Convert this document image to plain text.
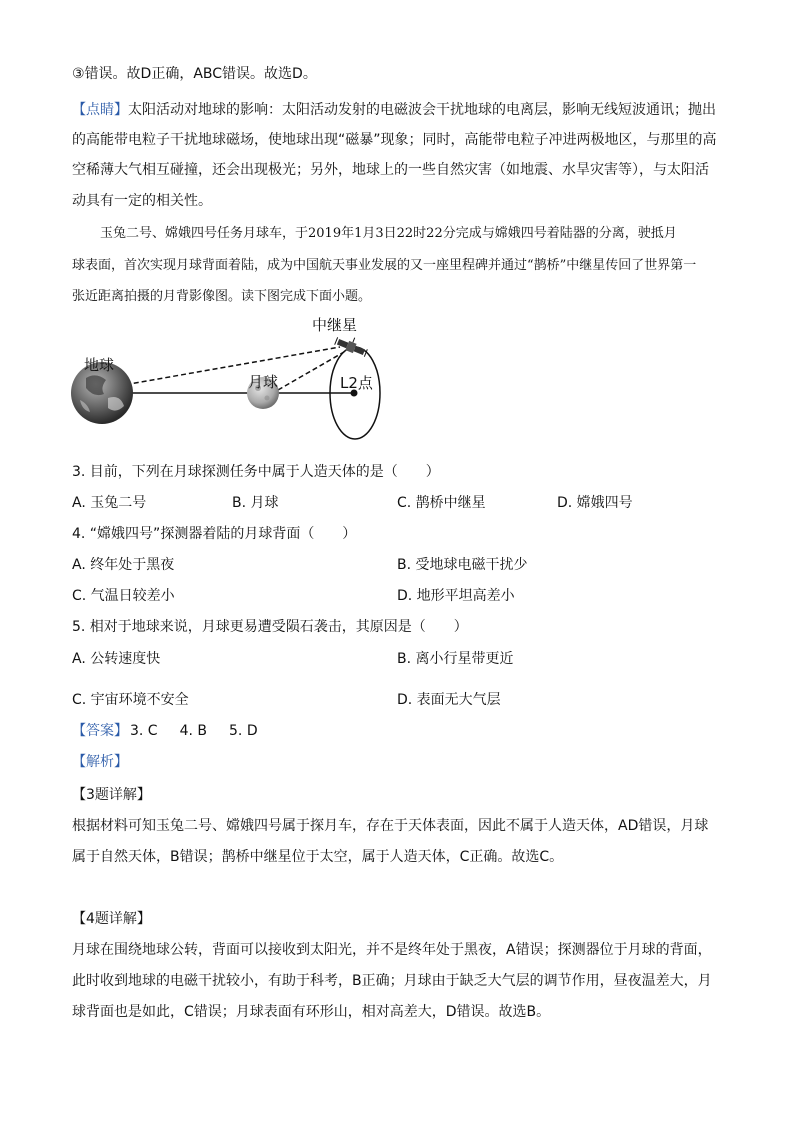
③错误。故D正确，ABC错误。故选D。
【点睛】太阳活动对地球的影响：太阳活动发射的电磁波会干扰地球的电离层，影响无线短波通讯；抛出
的高能带电粒子干扰地球磁场，使地球出现“磁暴”现象；同时，高能带电粒子冲进两极地区，与那里的高
空稀薄大气相互碰撞，还会出现极光；另外，地球上的一些自然灾害（如地震、水旱灾害等），与太阳活
动具有一定的相关性。
玉兔二号、嫦娥四号任务月球车，于2019年1月3日22时22分完成与嫦娥四号着陆器的分离，驶抵月
球表面，首次实现月球背面着陆，成为中国航天事业发展的又一座里程碑并通过“鹊桥”中继星传回了世界第一
张近距离拍摄的月背影像图。读下图完成下面小题。
中继星
地球
月球	L2点
3. 目前，下列在月球探测任务中属于人造天体的是（　　）
A. 玉兔二号	B. 月球	C. 鹊桥中继星	D. 嫦娥四号
4. “嫦娥四号”探测器着陆的月球背面（　　）
A. 终年处于黑夜	B. 受地球电磁干扰少
C. 气温日较差小	D. 地形平坦高差小
5. 相对于地球来说，月球更易遭受陨石袭击，其原因是（　　）
A. 公转速度快	B. 离小行星带更近
C. 宇宙环境不安全	D. 表面无大气层
【答案】 3. C 4. B 5. D
【解析】
【3题详解】
根据材料可知玉兔二号、嫦娥四号属于探月车，存在于天体表面，因此不属于人造天体，AD错误，月球
属于自然天体，B错误；鹊桥中继星位于太空，属于人造天体，C正确。故选C。
【4题详解】
月球在围绕地球公转，背面可以接收到太阳光，并不是终年处于黑夜，A错误；探测器位于月球的背面，
此时收到地球的电磁干扰较小，有助于科考，B正确；月球由于缺乏大气层的调节作用，昼夜温差大，月
球背面也是如此，C错误；月球表面有环形山，相对高差大，D错误。故选B。
